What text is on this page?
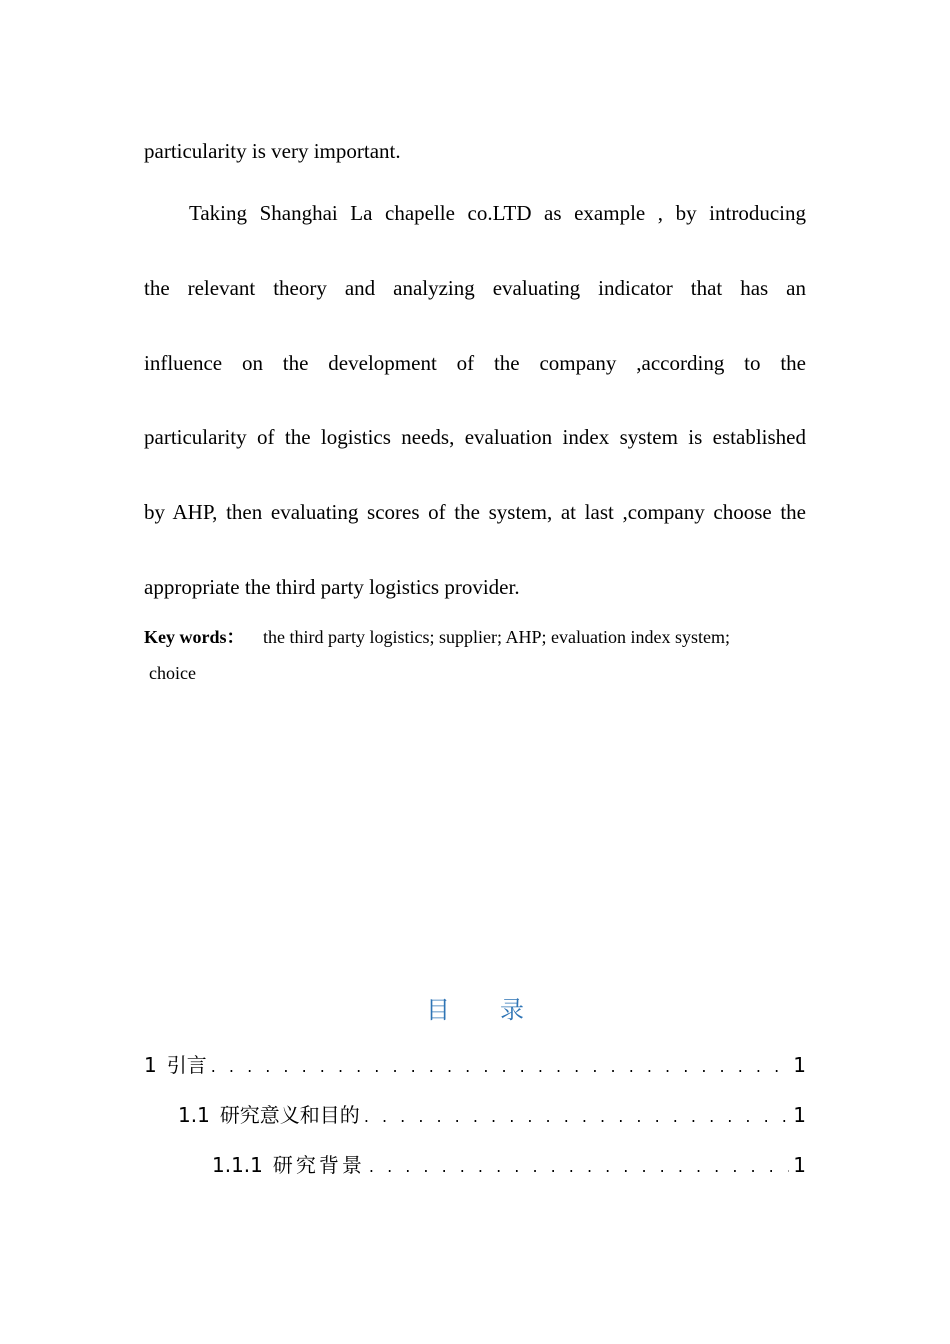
particularity is very important.
Taking Shanghai La chapelle co.LTD as example , by introducing
the relevant theory and analyzing evaluating indicator that has an
influence on the development of the company ,according to the
particularity of the logistics needs, evaluation index system is established
by AHP, then evaluating scores of the system, at last ,company choose the
appropriate the third party logistics provider.
Key words： the third party logistics; supplier; AHP; evaluation index system;
choice
目录
1 引言 . . .	1
1.1 研究意义和目的 . . .	1
1.1.1 研究背景 . . .	1
